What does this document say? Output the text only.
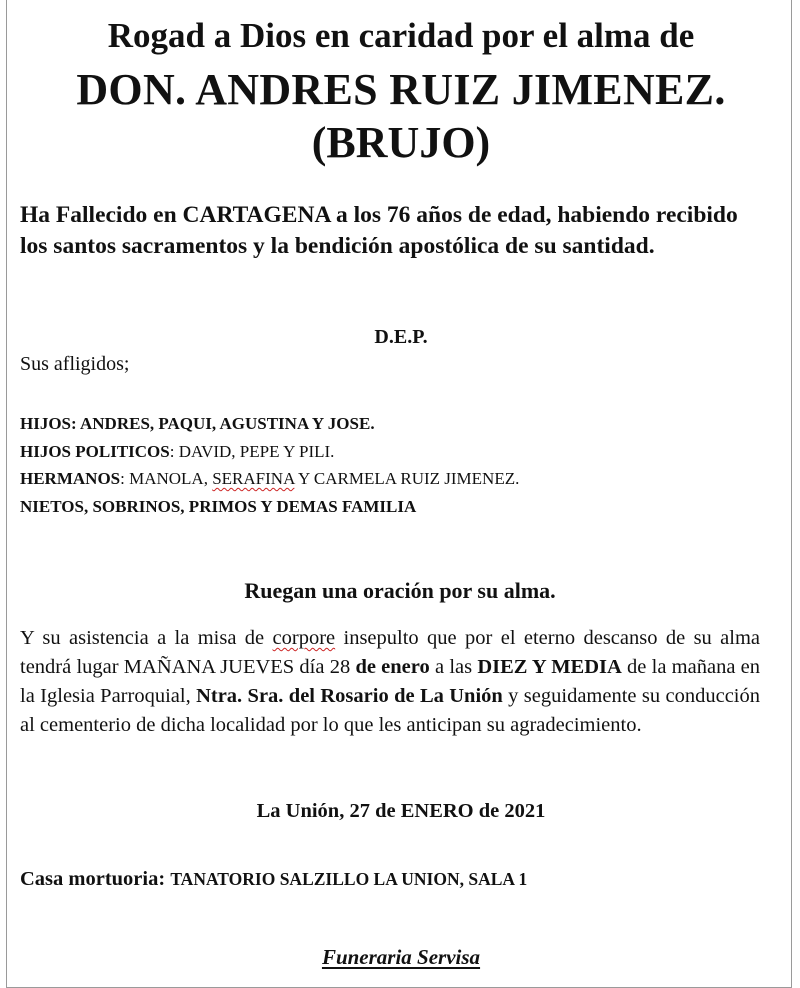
Rogad a Dios en caridad por el alma de
DON. ANDRES RUIZ JIMENEZ.
(BRUJO)
Ha Fallecido en CARTAGENA a los 76 años de edad, habiendo recibido los santos sacramentos y la bendición apostólica de su santidad.
D.E.P.
Sus afligidos;
HIJOS: ANDRES, PAQUI, AGUSTINA Y JOSE.
HIJOS POLITICOS: DAVID, PEPE Y PILI.
HERMANOS: MANOLA, SERAFINA Y CARMELA RUIZ JIMENEZ.
NIETOS, SOBRINOS, PRIMOS Y DEMAS FAMILIA
Ruegan una oración por su alma.
Y su asistencia a la misa de corpore insepulto que por el eterno descanso de su alma tendrá lugar MAÑANA JUEVES día 28 de enero a las DIEZ Y MEDIA de la mañana en la Iglesia Parroquial, Ntra. Sra. del Rosario de La Unión y seguidamente su conducción al cementerio de dicha localidad por lo que les anticipan su agradecimiento.
La Unión, 27 de ENERO de 2021
Casa mortuoria: TANATORIO SALZILLO LA UNION, SALA 1
Funeraria Servisa
